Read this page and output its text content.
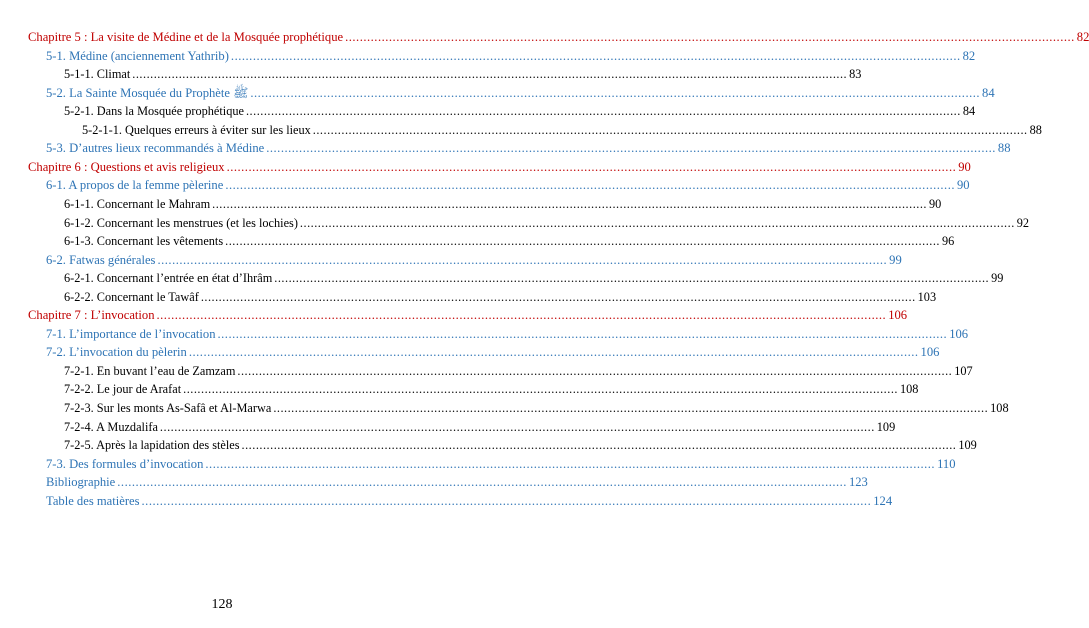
Chapitre 5 : La visite de Médine et de la Mosquée prophétique ........................................................................................................................................................................................................ 82
5-1. Médine (anciennement Yathrib) ........................................................................................................................................................................................................ 82
5-1-1. Climat ........................................................................................................................................................................................................ 83
5-2. La Sainte Mosquée du Prophète ﷺ ........................................................................................................................................................................................................ 84
5-2-1. Dans la Mosquée prophétique ........................................................................................................................................................................................................ 84
5-2-1-1. Quelques erreurs à éviter sur les lieux ........................................................................................................................................................................................................ 88
5-3. D’autres lieux recommandés à Médine ........................................................................................................................................................................................................ 88
Chapitre 6 : Questions et avis religieux ........................................................................................................................................................................................................ 90
6-1. A propos de la femme pèlerine ........................................................................................................................................................................................................ 90
6-1-1. Concernant le Mahram ........................................................................................................................................................................................................ 90
6-1-2. Concernant les menstrues (et les lochies) ........................................................................................................................................................................................................ 92
6-1-3. Concernant les vêtements ........................................................................................................................................................................................................ 96
6-2. Fatwas générales ........................................................................................................................................................................................................ 99
6-2-1. Concernant l’entrée en état d’Ihrâm ........................................................................................................................................................................................................ 99
6-2-2. Concernant le Tawâf ........................................................................................................................................................................................................ 103
Chapitre 7 : L’invocation ........................................................................................................................................................................................................ 106
7-1. L’importance de l’invocation ........................................................................................................................................................................................................ 106
7-2. L’invocation du pèlerin ........................................................................................................................................................................................................ 106
7-2-1. En buvant l’eau de Zamzam ........................................................................................................................................................................................................ 107
7-2-2. Le jour de Arafat ........................................................................................................................................................................................................ 108
7-2-3. Sur les monts As-Safâ et Al-Marwa ........................................................................................................................................................................................................ 108
7-2-4. A Muzdalifa ........................................................................................................................................................................................................ 109
7-2-5. Après la lapidation des stèles ........................................................................................................................................................................................................ 109
7-3. Des formules d’invocation ........................................................................................................................................................................................................ 110
Bibliographie ........................................................................................................................................................................................................ 123
Table des matières ........................................................................................................................................................................................................ 124
128
